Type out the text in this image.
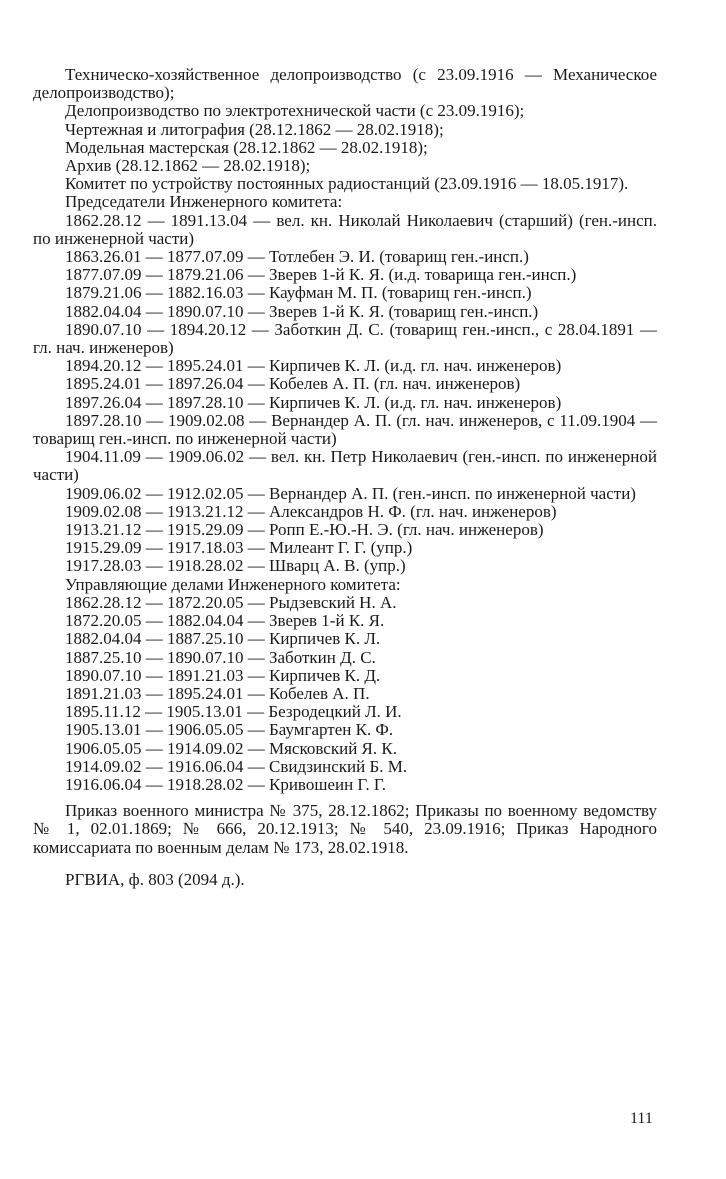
Техническо-хозяйственное делопроизводство (с 23.09.1916 — Механическое делопроизводство);

Делопроизводство по электротехнической части (с 23.09.1916);

Чертежная и литография (28.12.1862 — 28.02.1918);

Модельная мастерская (28.12.1862 — 28.02.1918);

Архив (28.12.1862 — 28.02.1918);

Комитет по устройству постоянных радиостанций (23.09.1916 — 18.05.1917).

Председатели Инженерного комитета:

1862.28.12 — 1891.13.04 — вел. кн. Николай Николаевич (старший) (ген.-инсп. по инженерной части)

1863.26.01 — 1877.07.09 — Тотлебен Э. И. (товарищ ген.-инсп.)

1877.07.09 — 1879.21.06 — Зверев 1-й К. Я. (и.д. товарища ген.-инсп.)

1879.21.06 — 1882.16.03 — Кауфман М. П. (товарищ ген.-инсп.)

1882.04.04 — 1890.07.10 — Зверев 1-й К. Я. (товарищ ген.-инсп.)

1890.07.10 — 1894.20.12 — Заботкин Д. С. (товарищ ген.-инсп., с 28.04.1891 — гл. нач. инженеров)

1894.20.12 — 1895.24.01 — Кирпичев К. Л. (и.д. гл. нач. инженеров)

1895.24.01 — 1897.26.04 — Кобелев А. П. (гл. нач. инженеров)

1897.26.04 — 1897.28.10 — Кирпичев К. Л. (и.д. гл. нач. инженеров)

1897.28.10 — 1909.02.08 — Вернандер А. П. (гл. нач. инженеров, с 11.09.1904 — товарищ ген.-инсп. по инженерной части)

1904.11.09 — 1909.06.02 — вел. кн. Петр Николаевич (ген.-инсп. по инженерной части)

1909.06.02 — 1912.02.05 — Вернандер А. П. (ген.-инсп. по инженерной части)

1909.02.08 — 1913.21.12 — Александров Н. Ф. (гл. нач. инженеров)

1913.21.12 — 1915.29.09 — Ропп Е.-Ю.-Н. Э. (гл. нач. инженеров)

1915.29.09 — 1917.18.03 — Милеант Г. Г. (упр.)

1917.28.03 — 1918.28.02 — Шварц А. В. (упр.)

Управляющие делами Инженерного комитета:

1862.28.12 — 1872.20.05 — Рыдзевский Н. А.

1872.20.05 — 1882.04.04 — Зверев 1-й К. Я.

1882.04.04 — 1887.25.10 — Кирпичев К. Л.

1887.25.10 — 1890.07.10 — Заботкин Д. С.

1890.07.10 — 1891.21.03 — Кирпичев К. Д.

1891.21.03 — 1895.24.01 — Кобелев А. П.

1895.11.12 — 1905.13.01 — Безродецкий Л. И.

1905.13.01 — 1906.05.05 — Баумгартен К. Ф.

1906.05.05 — 1914.09.02 — Мясковский Я. К.

1914.09.02 — 1916.06.04 — Свидзинский Б. М.

1916.06.04 — 1918.28.02 — Кривошеин Г. Г.

Приказ военного министра № 375, 28.12.1862; Приказы по военному ведомству № 1, 02.01.1869; № 666, 20.12.1913; № 540, 23.09.1916; Приказ Народного комиссариата по военным делам № 173, 28.02.1918.

РГВИА, ф. 803 (2094 д.).

111
